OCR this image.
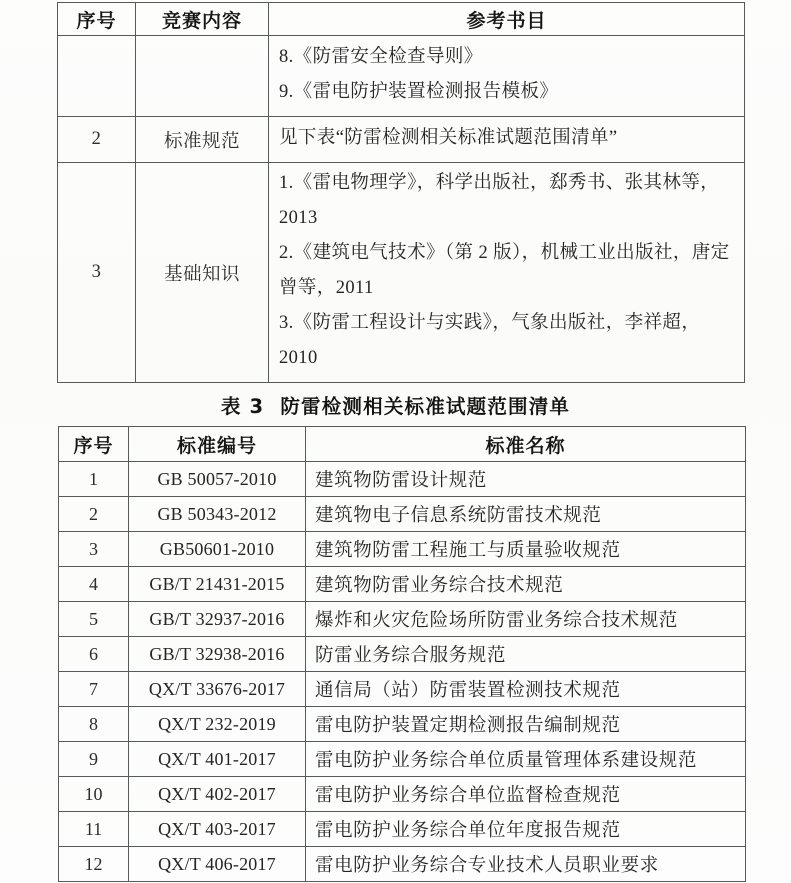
序号	竞赛内容	参考书目

		8.《防雷安全检查导则》
9.《雷电防护装置检测报告模板》

2	标准规范	见下表“防雷检测相关标准试题范围清单”

3	基础知识	1.《雷电物理学》，科学出版社，郄秀书、张其林等，2013
2.《建筑电气技术》（第 2 版），机械工业出版社，唐定曾等，2011
3.《防雷工程设计与实践》，气象出版社，李祥超，2010
表 3 防雷检测相关标准试题范围清单
序号	标准编号	标准名称
1	GB 50057-2010	建筑物防雷设计规范
2	GB 50343-2012	建筑物电子信息系统防雷技术规范
3	GB50601-2010	建筑物防雷工程施工与质量验收规范
4	GB/T 21431-2015	建筑物防雷业务综合技术规范
5	GB/T 32937-2016	爆炸和火灾危险场所防雷业务综合技术规范
6	GB/T 32938-2016	防雷业务综合服务规范
7	QX/T 33676-2017	通信局（站）防雷装置检测技术规范
8	QX/T 232-2019	雷电防护装置定期检测报告编制规范
9	QX/T 401-2017	雷电防护业务综合单位质量管理体系建设规范
10	QX/T 402-2017	雷电防护业务综合单位监督检查规范
11	QX/T 403-2017	雷电防护业务综合单位年度报告规范
12	QX/T 406-2017	雷电防护业务综合专业技术人员职业要求
